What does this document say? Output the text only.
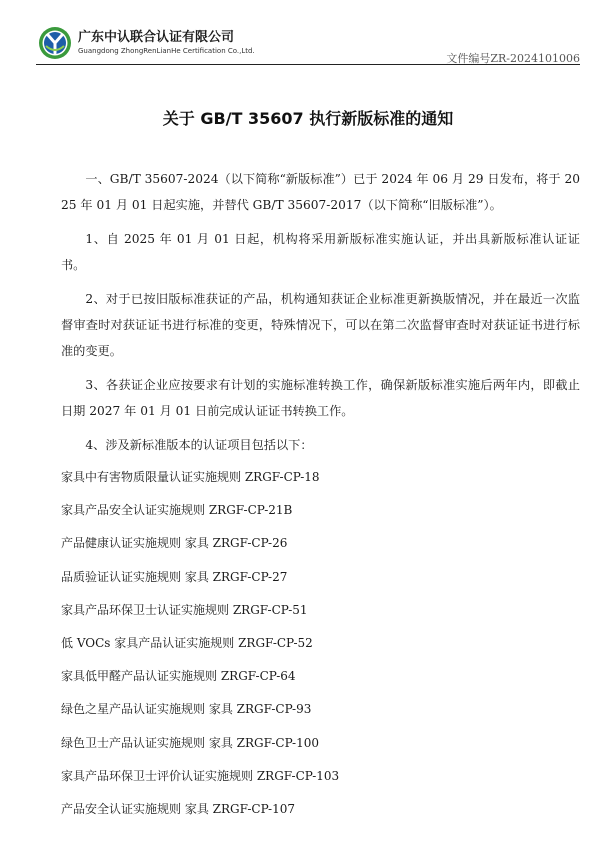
广东中认联合认证有限公司
Guangdong ZhongRenLianHe Certification Co.,Ltd.
文件编号ZR-2024101006
关于 GB/T 35607 执行新版标准的通知

一、GB/T 35607-2024（以下简称“新版标准”）已于 2024 年 06 月 29 日发布，将于 2025 年 01 月 01 日起实施，并替代 GB/T 35607-2017（以下简称“旧版标准”）。

1、自 2025 年 01 月 01 日起，机构将采用新版标准实施认证，并出具新版标准认证证书。

2、对于已按旧版标准获证的产品，机构通知获证企业标准更新换版情况，并在最近一次监督审查时对获证证书进行标准的变更，特殊情况下，可以在第二次监督审查时对获证证书进行标准的变更。

3、各获证企业应按要求有计划的实施标准转换工作，确保新版标准实施后两年内，即截止日期 2027 年 01 月 01 日前完成认证证书转换工作。

4、涉及新标准版本的认证项目包括以下：

家具中有害物质限量认证实施规则 ZRGF-CP-18
家具产品安全认证实施规则 ZRGF-CP-21B
产品健康认证实施规则 家具 ZRGF-CP-26
品质验证认证实施规则 家具 ZRGF-CP-27
家具产品环保卫士认证实施规则 ZRGF-CP-51
低 VOCs 家具产品认证实施规则 ZRGF-CP-52
家具低甲醛产品认证实施规则 ZRGF-CP-64
绿色之星产品认证实施规则 家具 ZRGF-CP-93
绿色卫士产品认证实施规则 家具 ZRGF-CP-100
家具产品环保卫士评价认证实施规则 ZRGF-CP-103
产品安全认证实施规则 家具 ZRGF-CP-107
